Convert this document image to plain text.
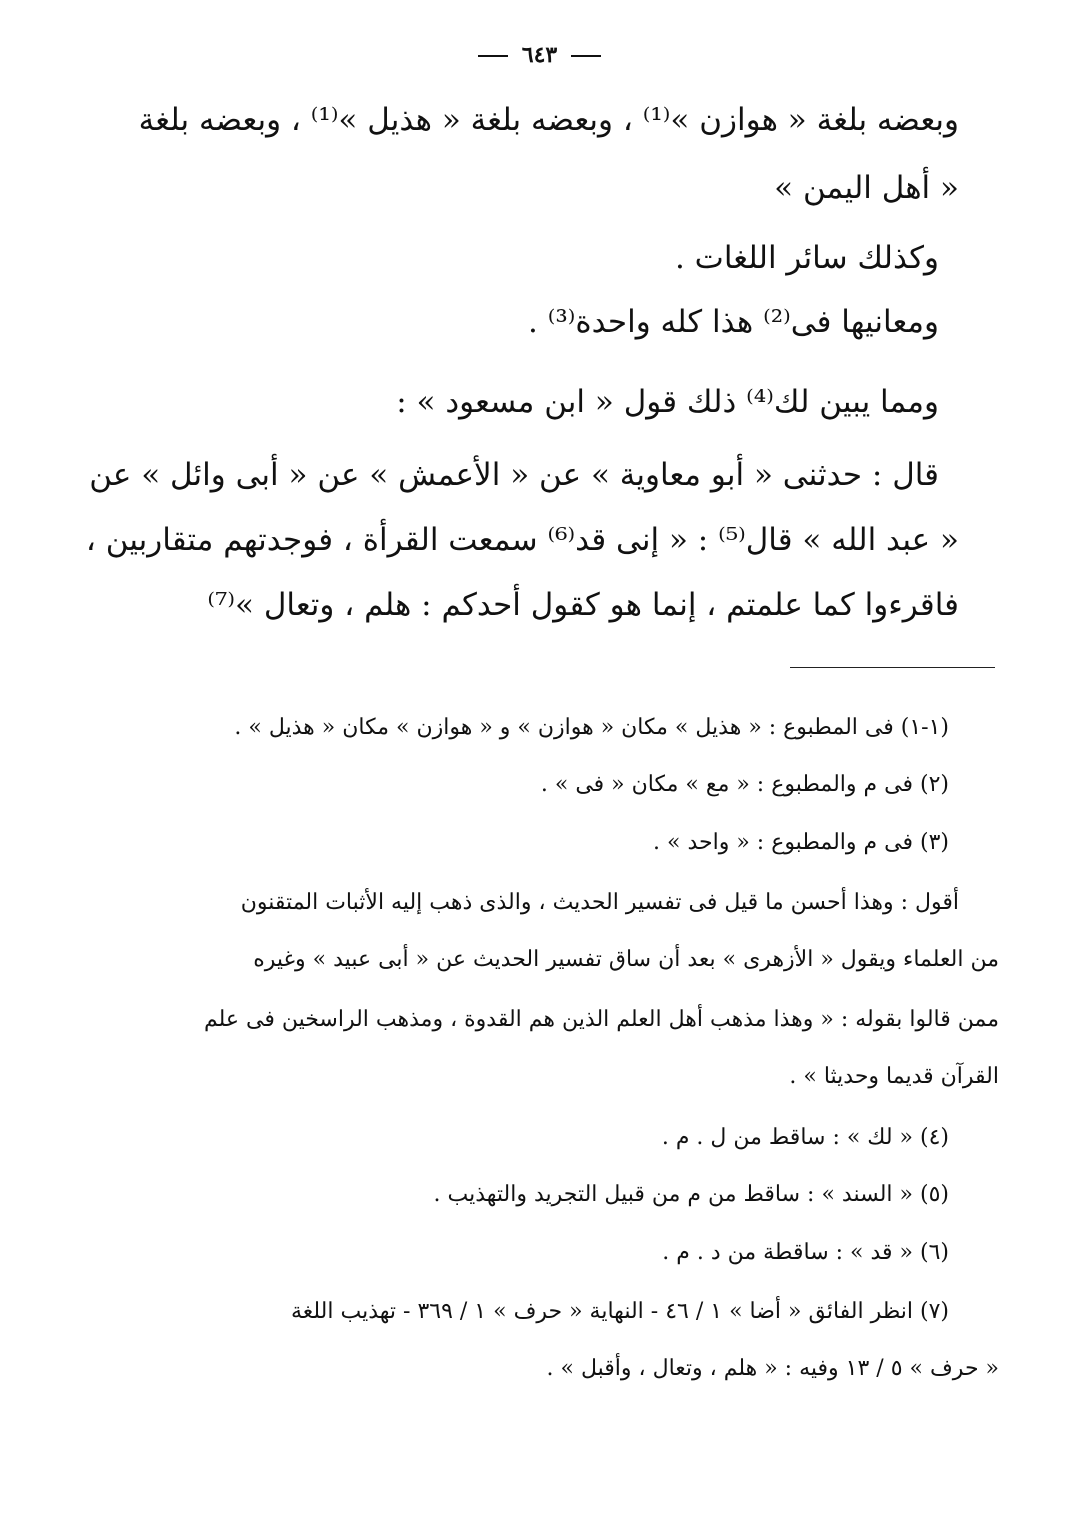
٦٤٣
وبعضه بلغة « هوازن »⁽¹⁾ ، وبعضه بلغة « هذيل »⁽¹⁾ ، وبعضه بلغة
« أهل اليمن »
وكذلك سائر اللغات .
ومعانيها فى⁽²⁾ هذا كله واحدة⁽³⁾ .
ومما يبين لك⁽⁴⁾ ذلك قول « ابن مسعود » :
قال : حدثنى « أبو معاوية » عن « الأعمش » عن « أبى وائل » عن
« عبد الله » قال⁽⁵⁾ : « إنى قد⁽⁶⁾ سمعت القرأة ، فوجدتهم متقاربين ،
فاقرءوا كما علمتم ، إنما هو كقول أحدكم : هلم ، وتعال »⁽⁷⁾
(١-١) فى المطبوع : « هذيل » مكان « هوازن » و « هوازن » مكان « هذيل » .
(٢) فى م والمطبوع : « مع » مكان « فى » .
(٣) فى م والمطبوع : « واحد » .
أقول : وهذا أحسن ما قيل فى تفسير الحديث ، والذى ذهب إليه الأثبات المتقنون
من العلماء ويقول « الأزهرى » بعد أن ساق تفسير الحديث عن « أبى عبيد » وغيره
ممن قالوا بقوله : « وهذا مذهب أهل العلم الذين هم القدوة ، ومذهب الراسخين فى علم
القرآن قديما وحديثا » .
(٤) « لك » : ساقط من ل . م .
(٥) « السند » : ساقط من م من قبيل التجريد والتهذيب .
(٦) « قد » : ساقطة من د . م .
(٧) انظر الفائق « أضا » ١ / ٤٦ - النهاية « حرف » ١ / ٣٦٩ - تهذيب اللغة
« حرف » ٥ / ١٣ وفيه : « هلم ، وتعال ، وأقبل » .
